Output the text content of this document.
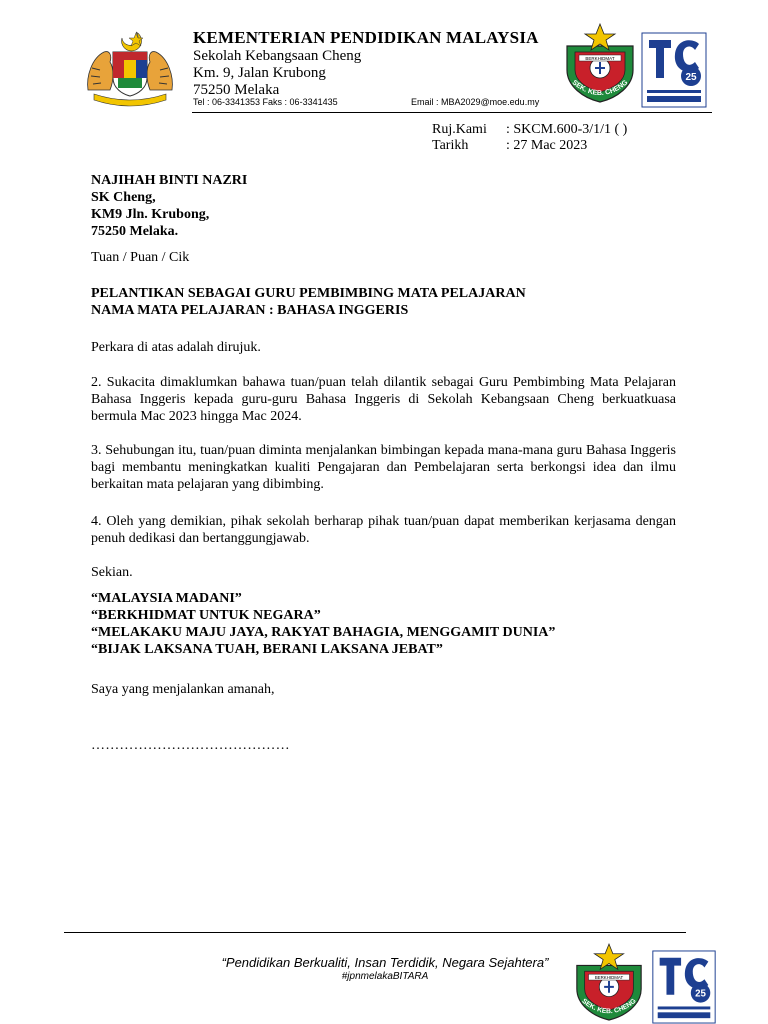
KEMENTERIAN PENDIDIKAN MALAYSIA
Sekolah Kebangsaan Cheng
Km. 9, Jalan Krubong
75250 Melaka
Tel : 06-3341353 Faks : 06-3341435	Email : MBA2029@moe.edu.my
BERKHIDMAT
SEK. KEB. CHENG
25
Ruj.Kami	: SKCM.600-3/1/1 ( )
Tarikh	: 27 Mac 2023
NAJIHAH BINTI NAZRI
SK Cheng,
KM9 Jln. Krubong,
75250 Melaka.
Tuan / Puan / Cik
PELANTIKAN SEBAGAI GURU PEMBIMBING MATA PELAJARAN
NAMA MATA PELAJARAN : BAHASA INGGERIS
Perkara di atas adalah dirujuk.
2. Sukacita dimaklumkan bahawa tuan/puan telah dilantik sebagai Guru Pembimbing Mata Pelajaran Bahasa Inggeris kepada guru-guru Bahasa Inggeris di Sekolah Kebangsaan Cheng berkuatkuasa bermula Mac 2023 hingga Mac 2024.
3. Sehubungan itu, tuan/puan diminta menjalankan bimbingan kepada mana-mana guru Bahasa Inggeris bagi membantu meningkatkan kualiti Pengajaran dan Pembelajaran serta berkongsi idea dan ilmu berkaitan mata pelajaran yang dibimbing.
4. Oleh yang demikian, pihak sekolah berharap pihak tuan/puan dapat memberikan kerjasama dengan penuh dedikasi dan bertanggungjawab.
Sekian.
“MALAYSIA MADANI”
“BERKHIDMAT UNTUK NEGARA”
“MELAKAKU MAJU JAYA, RAKYAT BAHAGIA, MENGGAMIT DUNIA”
“BIJAK LAKSANA TUAH, BERANI LAKSANA JEBAT”
Saya yang menjalankan amanah,
……………………………………
“Pendidikan Berkualiti, Insan Terdidik, Negara Sejahtera”
#jpnmelakaBITARA	BERKHIDMAT
SEK. KEB. CHENG
25
